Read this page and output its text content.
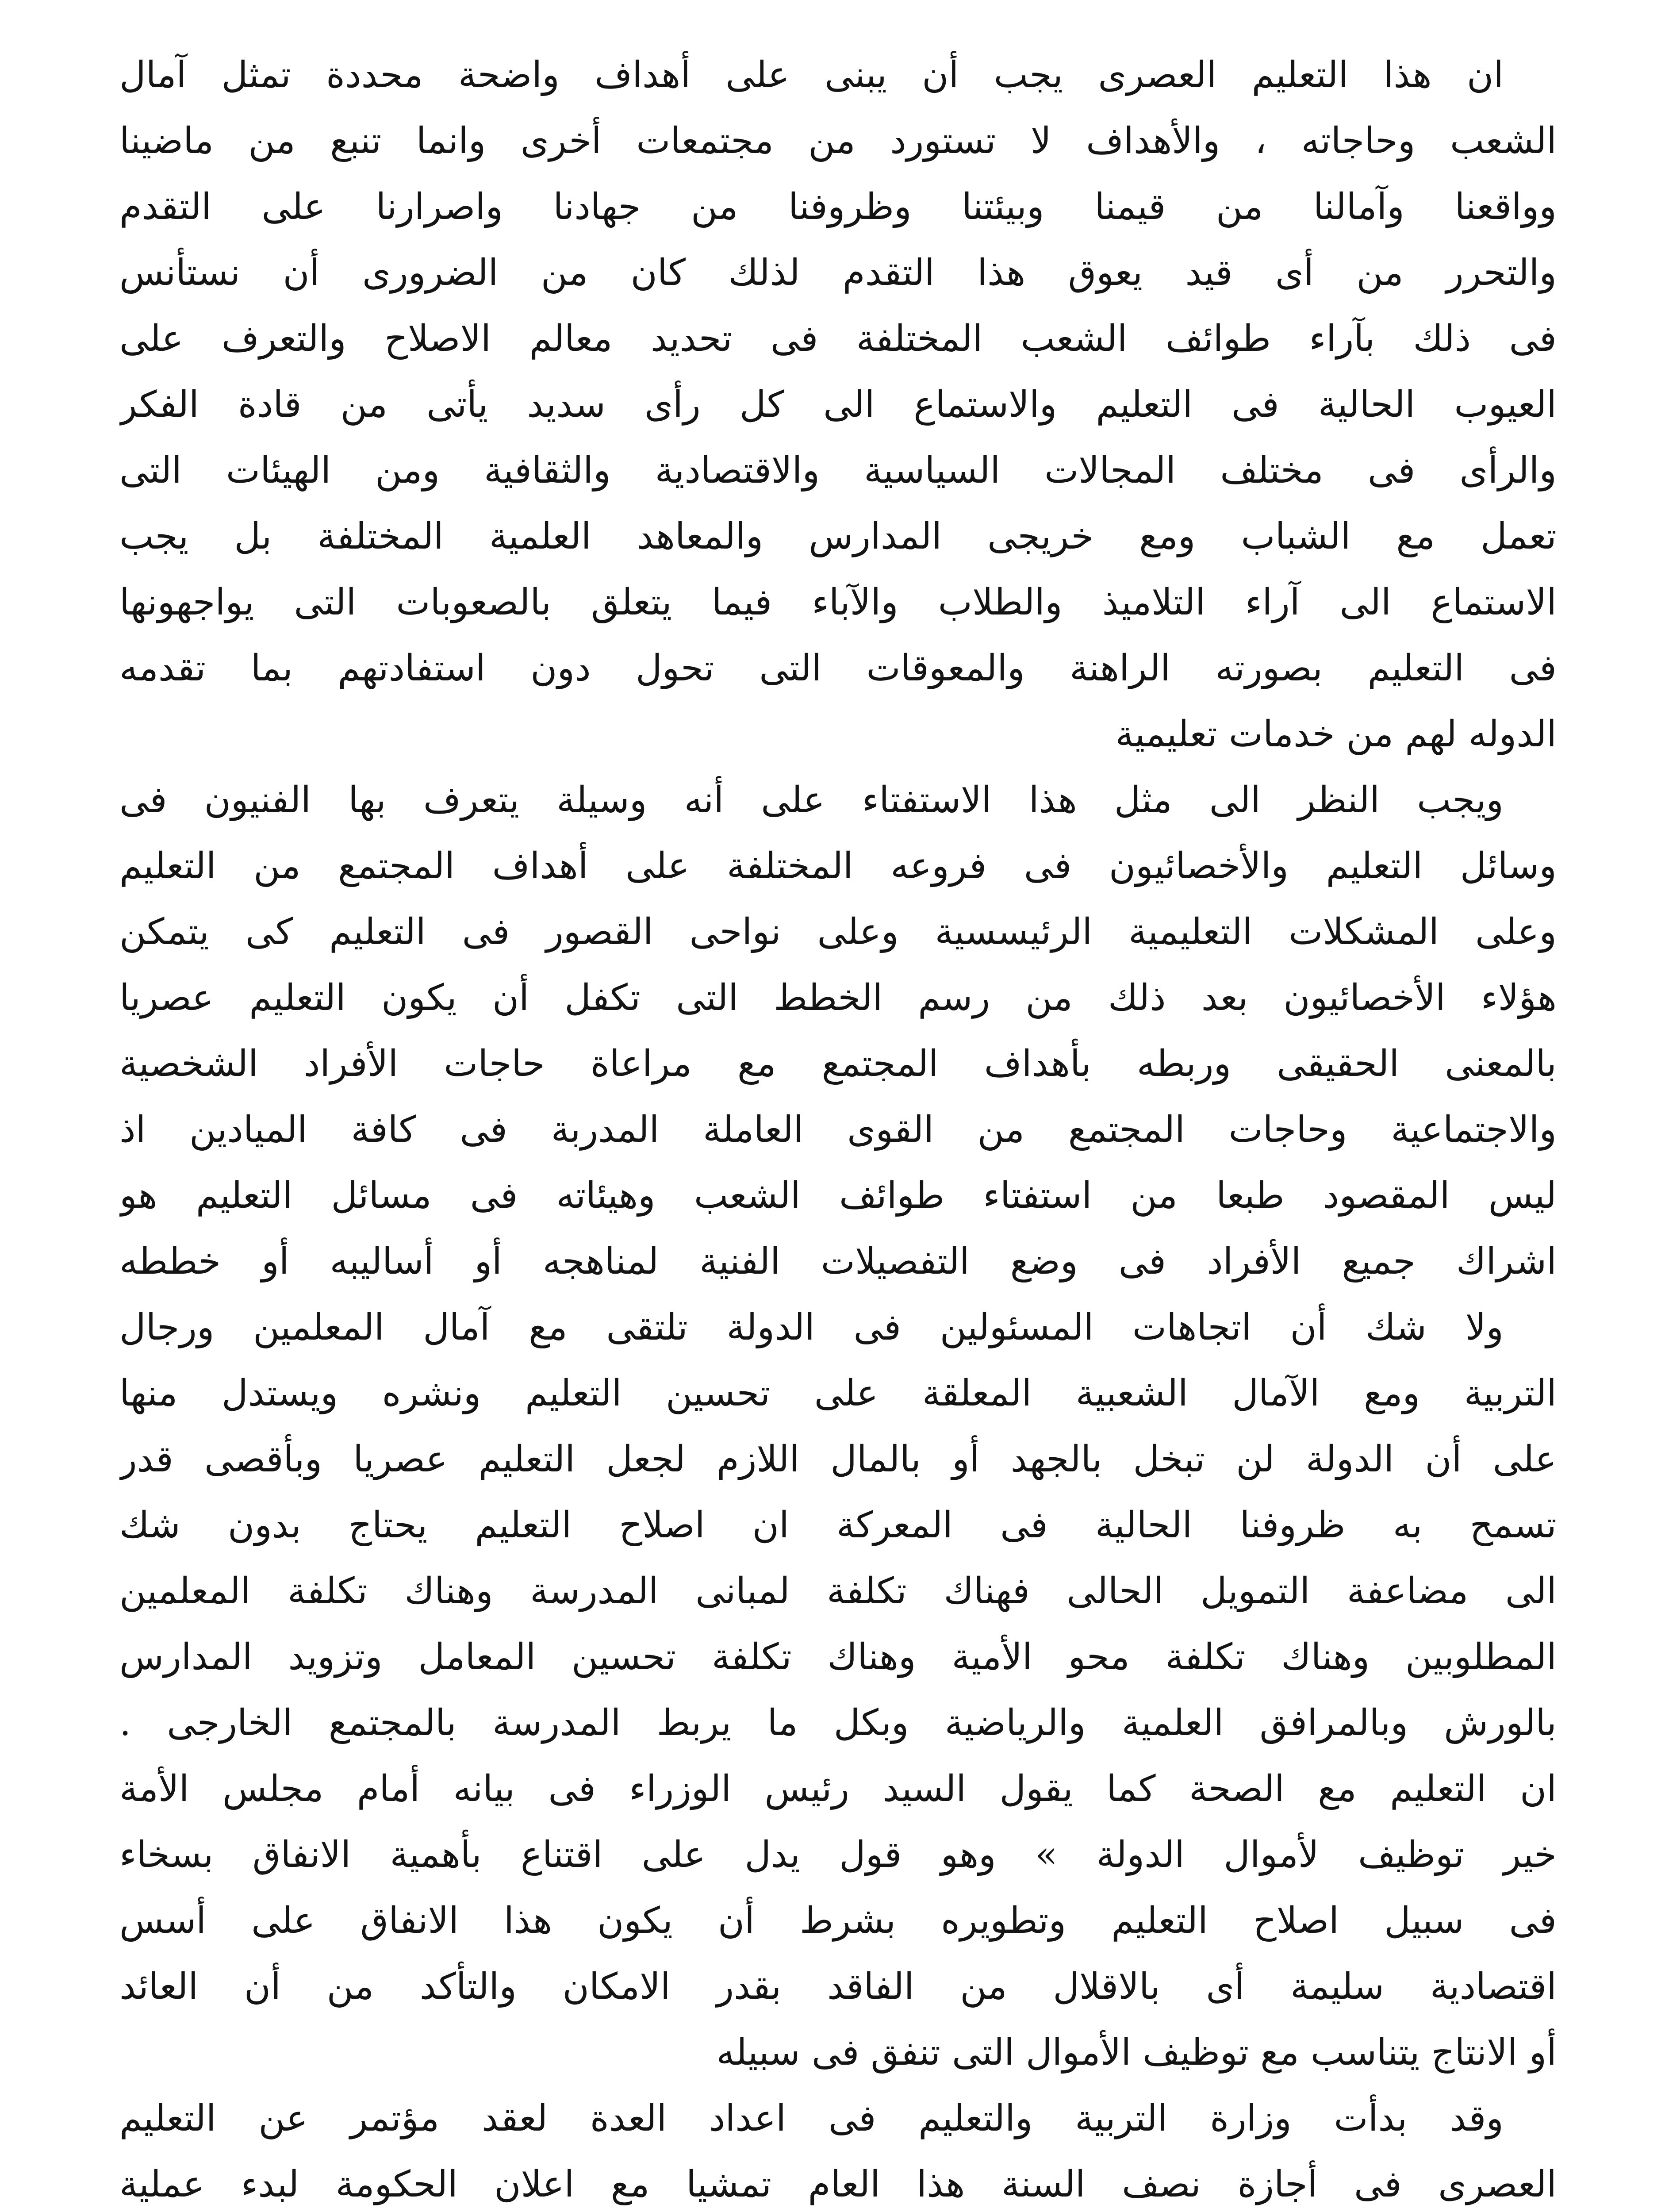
ان هذا التعليم العصرى يجب أن يبنى على أهداف واضحة محددة تمثل آمال
الشعب وحاجاته ، والأهداف لا تستورد من مجتمعات أخرى وانما تنبع من ماضينا
وواقعنا وآمالنا من قيمنا وبيئتنا وظروفنا من جهادنا واصرارنا على التقدم
والتحرر من أى قيد يعوق هذا التقدم لذلك كان من الضرورى أن نستأنس
فى ذلك بآراء طوائف الشعب المختلفة فى تحديد معالم الاصلاح والتعرف على
العيوب الحالية فى التعليم والاستماع الى كل رأى سديد يأتى من قادة الفكر
والرأى فى مختلف المجالات السياسية والاقتصادية والثقافية ومن الهيئات التى
تعمل مع الشباب ومع خريجى المدارس والمعاهد العلمية المختلفة بل يجب
الاستماع الى آراء التلاميذ والطلاب والآباء فيما يتعلق بالصعوبات التى يواجهونها
فى التعليم بصورته الراهنة والمعوقات التى تحول دون استفادتهم بما تقدمه
الدوله لهم من خدمات تعليمية
ويجب النظر الى مثل هذا الاستفتاء على أنه وسيلة يتعرف بها الفنيون فى
وسائل التعليم والأخصائيون فى فروعه المختلفة على أهداف المجتمع من التعليم
وعلى المشكلات التعليمية الرئيسسية وعلى نواحى القصور فى التعليم كى يتمكن
هؤلاء الأخصائيون بعد ذلك من رسم الخطط التى تكفل أن يكون التعليم عصريا
بالمعنى الحقيقى وربطه بأهداف المجتمع مع مراعاة حاجات الأفراد الشخصية
والاجتماعية وحاجات المجتمع من القوى العاملة المدربة فى كافة الميادين اذ
ليس المقصود طبعا من استفتاء طوائف الشعب وهيئاته فى مسائل التعليم هو
اشراك جميع الأفراد فى وضع التفصيلات الفنية لمناهجه أو أساليبه أو خططه
ولا شك أن اتجاهات المسئولين فى الدولة تلتقى مع آمال المعلمين ورجال
التربية ومع الآمال الشعبية المعلقة على تحسين التعليم ونشره ويستدل منها
على أن الدولة لن تبخل بالجهد أو بالمال اللازم لجعل التعليم عصريا وبأقصى قدر
تسمح به ظروفنا الحالية فى المعركة ان اصلاح التعليم يحتاج بدون شك
الى مضاعفة التمويل الحالى فهناك تكلفة لمبانى المدرسة وهناك تكلفة المعلمين
المطلوبين وهناك تكلفة محو الأمية وهناك تكلفة تحسين المعامل وتزويد المدارس
بالورش وبالمرافق العلمية والرياضية وبكل ما يربط المدرسة بالمجتمع الخارجى .
ان التعليم مع الصحة كما يقول السيد رئيس الوزراء فى بيانه أمام مجلس الأمة
خير توظيف لأموال الدولة » وهو قول يدل على اقتناع بأهمية الانفاق بسخاء
فى سبيل اصلاح التعليم وتطويره بشرط أن يكون هذا الانفاق على أسس
اقتصادية سليمة أى بالاقلال من الفاقد بقدر الامكان والتأكد من أن العائد
أو الانتاج يتناسب مع توظيف الأموال التى تنفق فى سبيله
وقد بدأت وزارة التربية والتعليم فى اعداد العدة لعقد مؤتمر عن التعليم
العصرى فى أجازة نصف السنة هذا العام تمشيا مع اعلان الحكومة لبدء عملية
